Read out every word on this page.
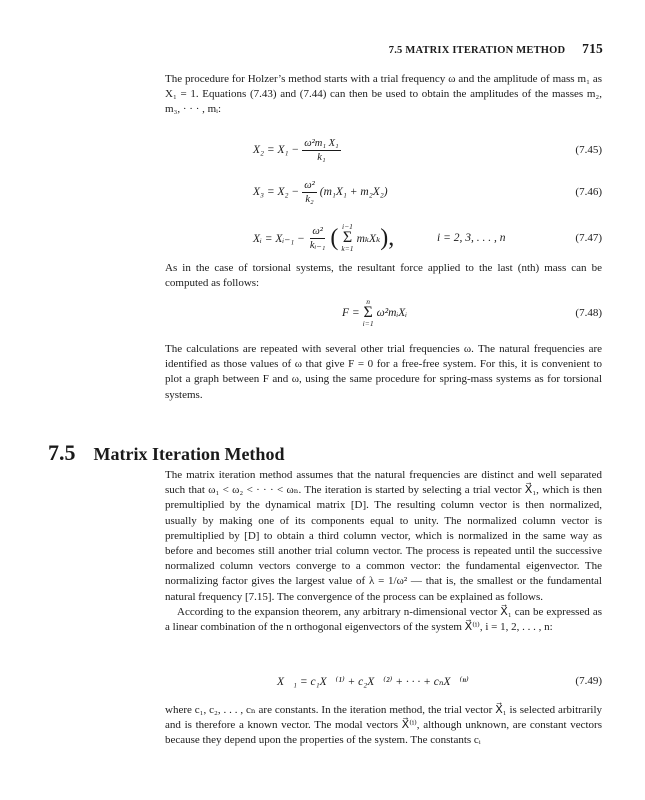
7.5 MATRIX ITERATION METHOD 715

The procedure for Holzer’s method starts with a trial frequency ω and the amplitude of mass m₁ as X₁ = 1. Equations (7.43) and (7.44) can then be used to obtain the amplitudes of the masses m₂, m₃, · · · , mᵢ:

$X_2 = X_1 - \frac{\text{ω²m₁ X₁}}{\text{k₁}}$	(7.45)
$X_3 = X_2 - \frac{\text{ω²}}{\text{k₂}} (m_1X_1 + m_2X_2)$	(7.46)
Xᵢ = Xᵢ₋₁ − $\frac{\text{ω²}}{\text{kᵢ₋₁}}$ ( i−1
Σ
k=1
mₖXₖ ),	i = 2, 3, . . . , n	(7.47)

As in the case of torsional systems, the resultant force applied to the last (nth) mass can be computed as follows:

F =
n
Σ
i=1
ω²mᵢXᵢ	(7.48)

The calculations are repeated with several other trial frequencies ω. The natural frequencies are identified as those values of ω that give F = 0 for a free-free system. For this, it is convenient to plot a graph between F and ω, using the same procedure for spring-mass systems as for torsional systems.

7.5 Matrix Iteration Method

The matrix iteration method assumes that the natural frequencies are distinct and well separated such that ω₁ < ω₂ < · · · < ωₙ. The iteration is started by selecting a trial vector X⃗₁, which is then premultiplied by the dynamical matrix [D]. The resulting column vector is then normalized, usually by making one of its components equal to unity. The normalized column vector is premultiplied by [D] to obtain a third column vector, which is normalized in the same way as before and becomes still another trial column vector. The process is repeated until the successive normalized column vectors converge to a common vector: the fundamental eigenvector. The normalizing factor gives the largest value of λ = 1/ω² — that is, the smallest or the fundamental natural frequency [7.15]. The convergence of the process can be explained as follows.

According to the expansion theorem, any arbitrary n-dimensional vector X⃗₁ can be expressed as a linear combination of the n orthogonal eigenvectors of the system X⃗⁽ⁱ⁾, i = 1, 2, . . . , n:

X⃗₁ = c₁X⃗⁽¹⁾ + c₂X⃗⁽²⁾ + · · · + cₙX⃗⁽ⁿ⁾	(7.49)

where c₁, c₂, . . . , cₙ are constants. In the iteration method, the trial vector X⃗₁ is selected arbitrarily and is therefore a known vector. The modal vectors X⃗⁽ⁱ⁾, although unknown, are constant vectors because they depend upon the properties of the system. The constants cᵢ
